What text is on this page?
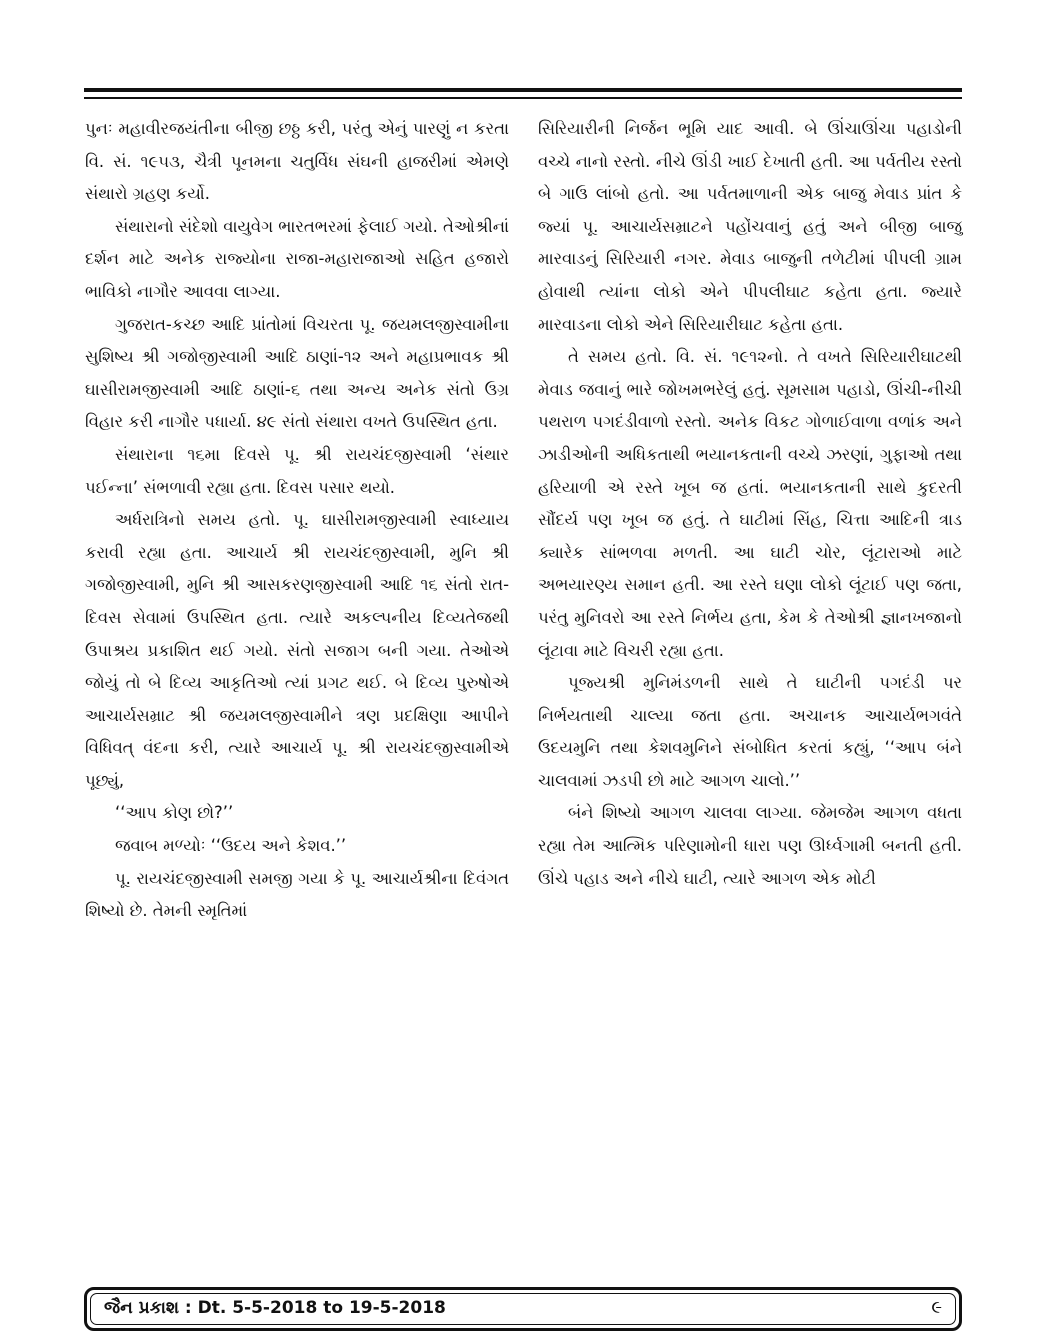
પુનઃ મહાવીરજયંતીના બીજી છઠ્ઠ કરી, પરંતુ એનું પારણું ન કરતા વિ. સં. ૧૯૫૩, ચૈત્રી પૂનમના ચતુર્વિધ સંઘની હાજરીમાં એમણે સંથારો ગ્રહણ કર્યો.

સંથારાનો સંદેશો વાયુવેગ ભારતભરમાં ફેલાઈ ગયો. તેઓશ્રીનાં દર્શન માટે અનેક રાજ્યોના રાજા-મહારાજાઓ સહિત હજારો ભાવિકો નાગૌર આવવા લાગ્યા.

ગુજરાત-કચ્છ આદિ પ્રાંતોમાં વિચરતા પૂ. જયમલજીસ્વામીના સુશિષ્ય શ્રી ગજોજીસ્વામી આદિ ઠાણાં-૧૨ અને મહાપ્રભાવક શ્રી ઘાસીરામજીસ્વામી આદિ ઠાણાં-૬ તથા અન્ય અનેક સંતો ઉગ્ર વિહાર કરી નાગૌર પધાર્યા. ૪૯ સંતો સંથારા વખતે ઉપસ્થિત હતા.

સંથારાના ૧૬મા દિવસે પૂ. શ્રી રાયચંદજીસ્વામી ‘સંથાર પઈન્ના’ સંભળાવી રહ્યા હતા. દિવસ પસાર થયો.

અર્ધરાત્રિનો સમય હતો. પૂ. ઘાસીરામજીસ્વામી સ્વાધ્યાય કરાવી રહ્યા હતા. આચાર્ય શ્રી રાયચંદજીસ્વામી, મુનિ શ્રી ગજોજીસ્વામી, મુનિ શ્રી આસકરણજીસ્વામી આદિ ૧૬ સંતો રાત-દિવસ સેવામાં ઉપસ્થિત હતા. ત્યારે અકલ્પનીય દિવ્યતેજથી ઉપાશ્રય પ્રકાશિત થઈ ગયો. સંતો સજાગ બની ગયા. તેઓએ જોયું તો બે દિવ્ય આકૃતિઓ ત્યાં પ્રગટ થઈ. બે દિવ્ય પુરુષોએ આચાર્યસમ્રાટ શ્રી જયમલજીસ્વામીને ત્રણ પ્રદક્ષિણા આપીને વિધિવત્ વંદના કરી, ત્યારે આચાર્ય પૂ. શ્રી રાયચંદજીસ્વામીએ પૂછ્યું,

‘‘આપ કોણ છો?’’

જવાબ મળ્યોઃ ‘‘ઉદય અને કેશવ.’’

પૂ. રાયચંદજીસ્વામી સમજી ગયા કે પૂ. આચાર્યશ્રીના દિવંગત શિષ્યો છે. તેમની સ્મૃતિમાં

સિરિયારીની નિર્જન ભૂમિ યાદ આવી. બે ઊંચાઊંચા પહાડોની વચ્ચે નાનો રસ્તો. નીચે ઊંડી ખાઈ દેખાતી હતી. આ પર્વતીય રસ્તો બે ગાઉ લાંબો હતો. આ પર્વતમાળાની એક બાજુ મેવાડ પ્રાંત કે જ્યાં પૂ. આચાર્યસમ્રાટને પહોંચવાનું હતું અને બીજી બાજુ મારવાડનું સિરિયારી નગર. મેવાડ બાજુની તળેટીમાં પીપલી ગ્રામ હોવાથી ત્યાંના લોકો એને પીપલીઘાટ કહેતા હતા. જ્યારે મારવાડના લોકો એને સિરિયારીઘાટ કહેતા હતા.

તે સમય હતો. વિ. સં. ૧૯૧૨નો. તે વખતે સિરિયારીઘાટથી મેવાડ જવાનું ભારે જોખમભરેલું હતું. સૂમસામ પહાડો, ઊંચી-નીચી પથરાળ પગદંડીવાળો રસ્તો. અનેક વિકટ ગોળાઈવાળા વળાંક અને ઝાડીઓની અધિકતાથી ભયાનકતાની વચ્ચે ઝરણાં, ગુફાઓ તથા હરિયાળી એ રસ્તે ખૂબ જ હતાં. ભયાનકતાની સાથે કુદરતી સૌંદર્ય પણ ખૂબ જ હતું. તે ઘાટીમાં સિંહ, ચિત્તા આદિની ત્રાડ ક્યારેક સાંભળવા મળતી. આ ઘાટી ચોર, લૂંટારાઓ માટે અભયારણ્ય સમાન હતી. આ રસ્તે ઘણા લોકો લૂંટાઈ પણ જતા, પરંતુ મુનિવરો આ રસ્તે નિર્ભય હતા, કેમ કે તેઓશ્રી જ્ઞાનખજાનો લૂંટાવા માટે વિચરી રહ્યા હતા.

પૂજ્યશ્રી મુનિમંડળની સાથે તે ઘાટીની પગદંડી પર નિર્ભયતાથી ચાલ્યા જતા હતા. અચાનક આચાર્યભગવંતે ઉદયમુનિ તથા કેશવમુનિને સંબોધિત કરતાં કહ્યું, ‘‘આપ બંને ચાલવામાં ઝડપી છો માટે આગળ ચાલો.’’

બંને શિષ્યો આગળ ચાલવા લાગ્યા. જેમજેમ આગળ વધતા રહ્યા તેમ આત્મિક પરિણામોની ધારા પણ ઊર્ધ્વગામી બનતી હતી. ઊંચે પહાડ અને નીચે ઘાટી, ત્યારે આગળ એક મોટી

જૈન પ્રકાશ : Dt. 5-5-2018 to 19-5-2018	૯
